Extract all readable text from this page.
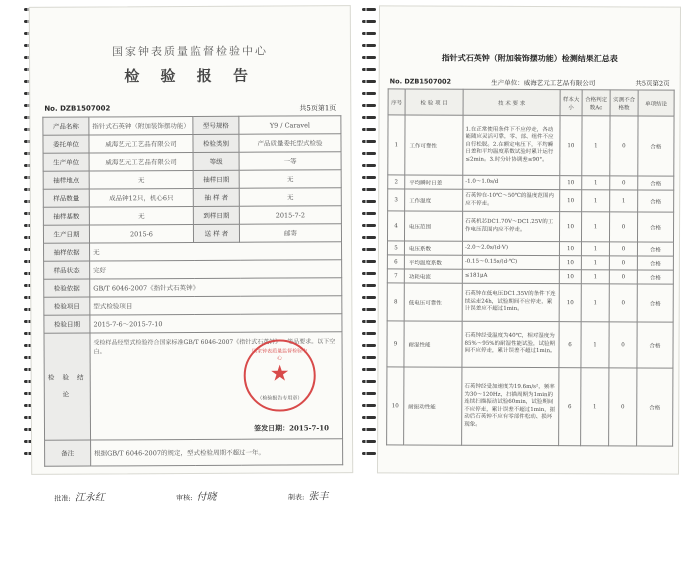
国家钟表质量监督检验中心
检 验 报 告
No. DZB1507002	共5页第1页
产品名称	指针式石英钟（附加装饰摆功能）	型号规格	Y9 / Caravel
委托单位	威海艺元工艺品有限公司	检验类别	产品质量委托型式检验
生产单位	威海艺元工艺品有限公司	等级	一等
抽样地点	无	抽样日期	无
样品数量	成品钟12只，机心6只	抽 样 者	无
抽样基数	无	到样日期	2015-7-2
生产日期	2015-6	送 样 者	邮寄
抽样依据	无		
样品状态	完好		
检验依据	GB/T 6046-2007《指针式石英钟》		
检验项目	型式检验项目		
检验日期	2015-7-6～2015-7-10		
检 验 结 论	受检样品经型式检验符合国家标准GB/T 6046-2007《指针式石英钟》一等品要求。以下空白。 国家钟表质量监督检验中心
★
（检验报告专用章）
签发日期：2015-7-10		

备注	根据GB/T 6046-2007的规定，型式检验周期不超过一年。		
批准: 江永红	审核: 付晓	制表: 张丰
指针式石英钟（附加装饰摆功能）检测结果汇总表
No. DZB1507002	生产单位：威海艺元工艺品有限公司	共5页第2页
序号	检 验 项 目	技 术 要 求	样本大小	合格判定数Ac	实测不合格数	单项结论
1	工作可靠性	1.在正常使用条件下不应停走，各动能随应灵活可靠，零、部、组件不应自行松脱。2.在额定电压下，平均瞬日差和平均温度系数试验时累计运行≤2min。3.时分针协调差≤90°。	10	1	0	合格
2	平均瞬时日差	-1.0～1.0s/d	10	1	0	合格
3	工作温度	石英钟在-10℃～50℃的温度范围内应不停走。	10	1	1	合格
4	电压范围	石英机芯DC1.70V～DC1.25V的工作电压范围内应不停走。	10	1	0	合格
5	电压系数	-2.0～2.0s/(d·V)	10	1	0	合格
6	平均温度系数	-0.15～0.15s/(d·℃)	10	1	0	合格
7	功耗电流	≤181μA	10	1	0	合格
8	低电压可靠性	石英钟在低电压DC1.35V的条件下连续运走24h，试验期间不应停走，累计误差应不超过1min。	10	1	0	合格
9	耐湿性能	石英钟经受温度为40℃，相对湿度为85%～95%的耐湿性能试验，试验期间不应停走，累计误差不超过1min。	6	1	0	合格
10	耐振动性能	石英钟经受加速度为19.6m/s²，频率为30～120Hz，扫描周期为1min的连续扫描振动试验60min，试验期间不应停走，累计误差不超过1min，振动后石英钟不应有零部件松动、损坏现象。	6	1	0	合格
